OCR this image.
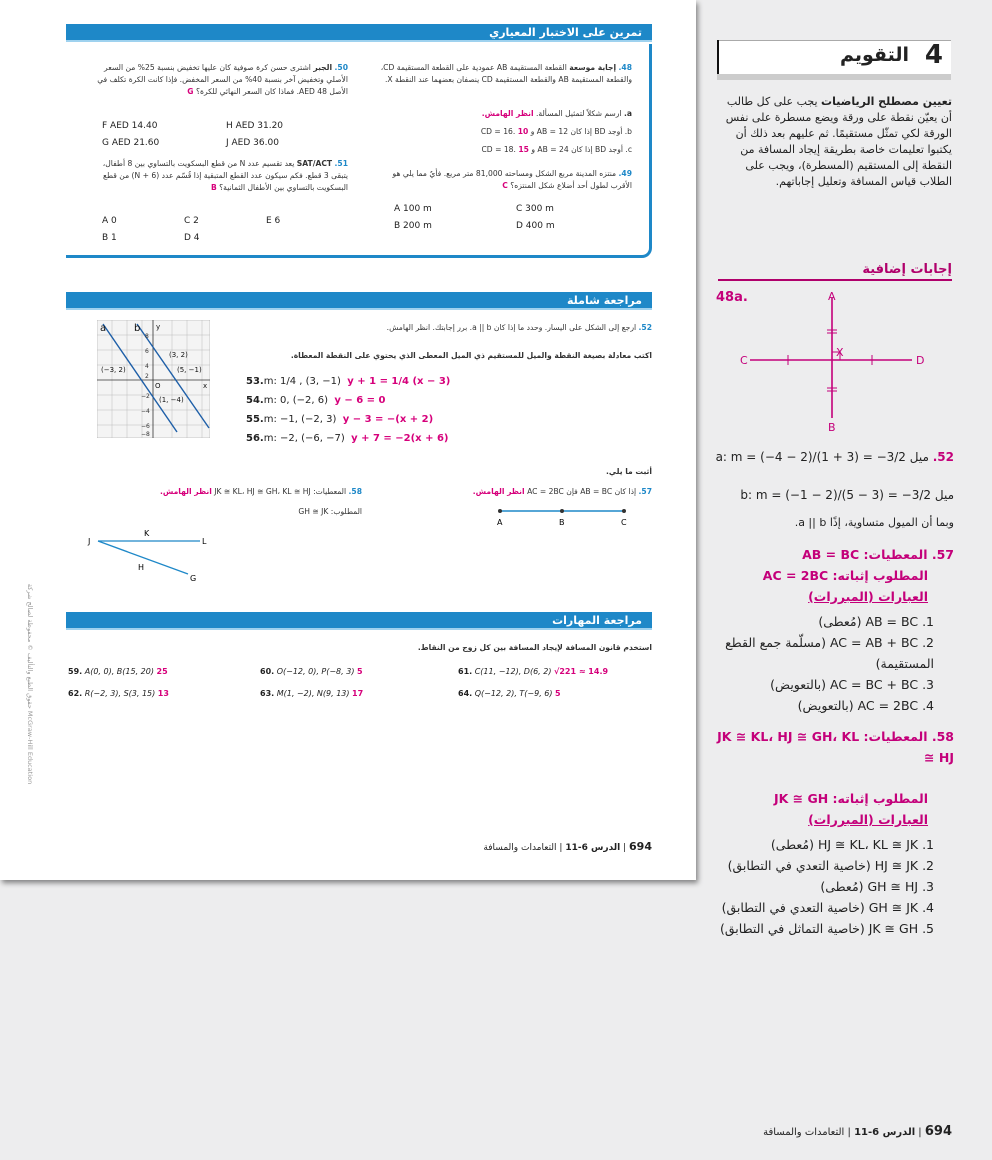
تمرين على الاختبار المعياري
48. إجابة موسعة القطعة المستقيمة AB عمودية على القطعة المستقيمة CD، والقطعة المستقيمة AB والقطعة المستقيمة CD ينصفان بعضهما عند النقطة X.
a. ارسم شكلاً لتمثيل المسألة. انظر الهامش.
b. أوجد BD إذا كان AB = 12 و CD = 16. 10
c. أوجد BD إذا كان AB = 24 و CD = 18. 15
49. منتزه المدينة مربع الشكل ومساحته 81,000 متر مربع. فأيٌ مما يلي هو الأقرب لطول أحد أضلاع شكل المنتزه؟ C
A 100 m	C 300 m
B 200 m	D 400 m
50. الجبر اشترى حسن كرة صوفية كان عليها تخفيض بنسبة 25% من السعر الأصلي وتخفيض آخر بنسبة 40% من السعر المخفض. فإذا كانت الكرة تكلف في الأصل AED 48. فماذا كان السعر النهائي للكرة؟ G
F AED 14.40	H AED 31.20
G AED 21.60	J AED 36.00
51. SAT/ACT يعد تقسيم عدد N من قطع البسكويت بالتساوي بين 8 أطفال، يتبقى 3 قطع. فكم سيكون عدد القطع المتبقية إذا قُسّم عدد (N + 6) من قطع البسكويت بالتساوي بين الأطفال الثمانية؟ B
A 0	C 2	E 6
B 1	D 4
مراجعة شاملة
a	b y
x
O
(3, 2)
(−3, 2)	(5, −1)
(1, −4)
8
6
4
2
−2
−4
−6
−8
52. ارجع إلى الشكل على اليسار. وحدد ما إذا كان a || b. برر إجابتك. انظر الهامش.
اكتب معادلة بصيغة النقطة والميل للمستقيم ذي الميل المعطى الذي يحتوي على النقطة المعطاة.
53.m: 1/4 , (3, −1) y + 1 = 1/4 (x − 3)
54.m: 0, (−2, 6) y − 6 = 0
55.m: −1, (−2, 3) y − 3 = −(x + 2)
56.m: −2, (−6, −7) y + 7 = −2(x + 6)
أثبت ما يلي.
57. إذا كان AB = BC فإن AC = 2BC انظر الهامش.
A	B	C
58. المعطيات: JK ≅ KL، HJ ≅ GH، KL ≅ HJ انظر الهامش.
المطلوب: GH ≅ JK
J
K
L
H
G
مراجعة المهارات
استخدم قانون المسافة لإيجاد المسافة بين كل زوج من النقاط.
59. A(0, 0), B(15, 20) 25	60. O(−12, 0), P(−8, 3) 5	61. C(11, −12), D(6, 2) √221 ≈ 14.9
62. R(−2, 3), S(3, 15) 13	63. M(1, −2), N(9, 13) 17	64. Q(−12, 2), T(−9, 6) 5
حقوق الطبع والتأليف © محفوظة لصالح شركة McGraw-Hill Education
694 | الدرس 6-11 | التعامدات والمسافة
4
التقويم
تعيين مصطلح الرياضيات يجب على كل طالب أن يعيّن نقطة على ورقة ويضع مسطرة على نفس الورقة لكي تمثّل مستقيمًا. ثم عليهم بعد ذلك أن يكتبوا تعليمات خاصة بطريقة إيجاد المسافة من النقطة إلى المستقيم (المسطرة)، ويجب على الطلاب قياس المسافة وتعليل إجاباتهم.
إجابات إضافية
48a.	A
B
C	D
X
52. ميل a: m = (−4 − 2)/(1 + 3) = −3/2
ميل b: m = (−1 − 2)/(5 − 3) = −3/2
وبما أن الميول متساوية، إذًا a || b.
57. المعطيات: AB = BC
المطلوب إثباته: AC = 2BC
العبارات (المبررات)
1. AB = BC (مُعطى)
2. AC = AB + BC (مسلّمة جمع القطع المستقيمة)
3. AC = BC + BC (بالتعويض)
4. AC = 2BC (بالتعويض)
58. المعطيات: JK ≅ KL، HJ ≅ GH، KL ≅ HJ
المطلوب إثباته: JK ≅ GH
العبارات (المبررات)
1. HJ ≅ KL، KL ≅ JK (مُعطى)
2. HJ ≅ JK (خاصية التعدي في التطابق)
3. GH ≅ HJ (مُعطى)
4. GH ≅ JK (خاصية التعدي في التطابق)
5. JK ≅ GH (خاصية التماثل في التطابق)
694 | الدرس 6-11 | التعامدات والمسافة
